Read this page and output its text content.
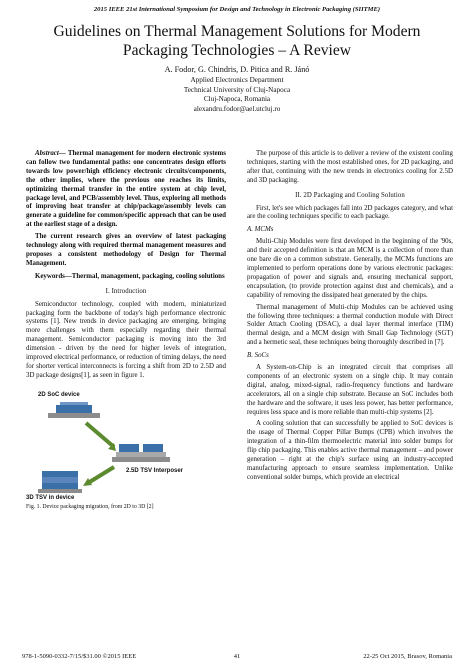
2015 IEEE 21st International Symposium for Design and Technology in Electronic Packaging (SIITME)
Guidelines on Thermal Management Solutions for Modern Packaging Technologies – A Review
A. Fodor, G. Chindris, D. Pitica and R. Jánó
Applied Electronics Department
Technical University of Cluj-Napoca
Cluj-Napoca, Romania
alexandru.fodor@ael.utcluj.ro

Abstract— Thermal management for modern electronic systems can follow two fundamental paths: one concentrates design efforts towards low power/high efficiency electronic circuits/components, the other implies, where the previous one reaches its limits, optimizing thermal transfer in the entire system at chip level, package level, and PCB/assembly level. Thus, exploring all methods of improving heat transfer at chip/package/assembly levels can generate a guideline for common/specific approach that can be used at the earliest stage of a design.

The current research gives an overview of latest packaging technology along with required thermal management measures and proposes a consistent methodology of Design for Thermal Management.

Keywords—Thermal, management, packaging, cooling solutions

I. Introduction

Semiconductor technology, coupled with modern, miniaturized packaging form the backbone of today's high performance electronic systems [1]. New trends in device packaging are emerging, bringing more challenges with them especially regarding their thermal management. Semiconductor packaging is moving into the 3rd dimension - driven by the need for higher levels of integration, improved electrical performance, or reduction of timing delays, the need for shorter vertical interconnects is forcing a shift from 2D to 2.5D and 3D package designs[1], as seen in figure 1.

2D SoC device
2.5D TSV Interposer
3D TSV in device
Fig. 1. Device packaging migration, from 2D to 3D [2]

The purpose of this article is to deliver a review of the existent cooling techniques, starting with the most established ones, for 2D packaging, and after that, continuing with the new trends in electronics cooling for 2.5D and 3D packaging.

II. 2D Packaging and Cooling Solution

First, let's see which packages fall into 2D packages category, and what are the cooling techniques specific to each package.

A. MCMs

Multi-Chip Modules were first developed in the beginning of the '90s, and their accepted definition is that an MCM is a collection of more than one bare die on a common substrate. Generally, the MCMs functions are implemented to perform operations done by various electronic packages: propagation of power and signals and, ensuring mechanical support, encapsulation, (to provide protection against dust and chemicals), and a capability of removing the dissipated heat generated by the chips.

Thermal management of Multi-chip Modules can be achieved using the following three techniques: a thermal conduction module with Direct Solder Attach Cooling (DSAC), a dual layer thermal interface (TIM) thermal design, and a MCM design with Small Gap Technology (SGT) and a hermetic seal, these techniques being thoroughly described in [7].

B. SoCs

A System-on-Chip is an integrated circuit that comprises all components of an electronic system on a single chip. It may contain digital, analog, mixed-signal, radio-frequency functions and hardware accelerators, all on a single chip substrate. Because an SoC includes both the hardware and the software, it uses less power, has better performance, requires less space and is more reliable than multi-chip systems [2].

A cooling solution that can successfully be applied to SoC devices is the usage of Thermal Copper Pillar Bumps (CPB) which involves the integration of a thin-film thermoelectric material into solder bumps for flip chip packaging. This enables active thermal management – and power generation – right at the chip's surface using an industry-accepted manufacturing approach to ensure seamless implementation. Unlike conventional solder bumps, which provide an electrical

978-1-5090-0332-7/15/$31.00 ©2015 IEEE	41	22-25 Oct 2015, Brasov, Romania
